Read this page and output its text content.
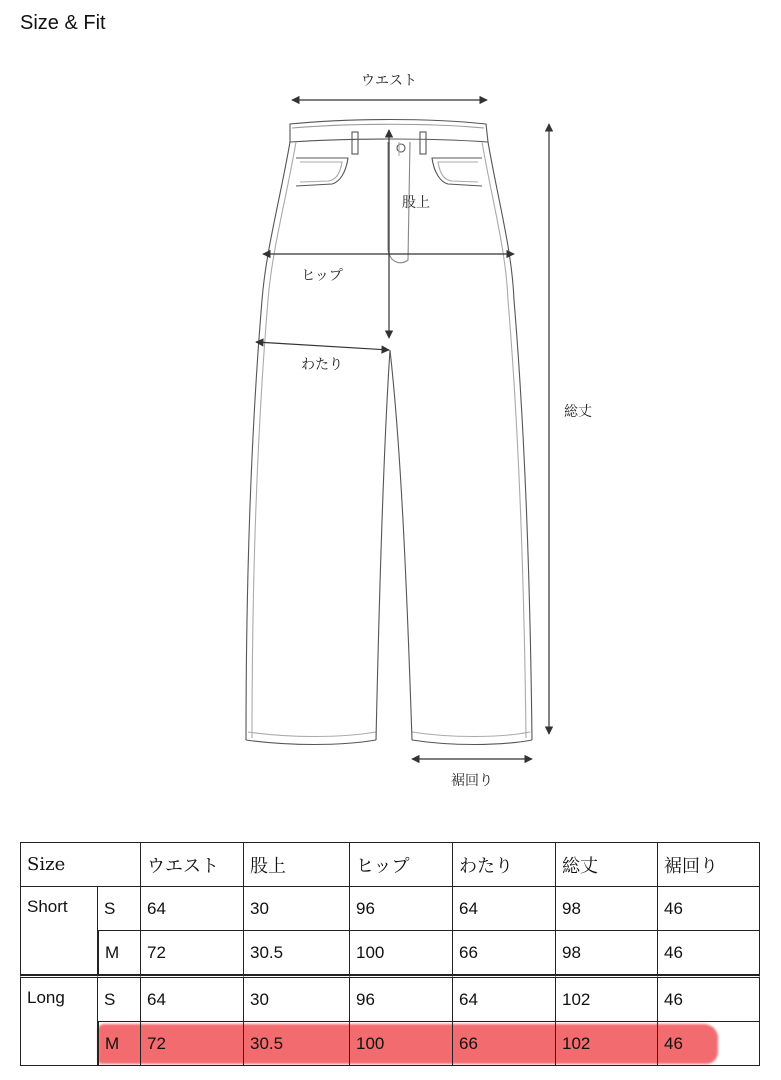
Size & Fit
ウエスト
股上
ヒップ
わたり
総丈
裾回り
Size		ウエスト	股上	ヒップ	わたり	総丈	裾回り
Short	S	64	30	96	64	98	46
	M	72	30.5	100	66	98	46
Long	S	64	30	96	64	102	46
	M	72	30.5	100	66	102	46
